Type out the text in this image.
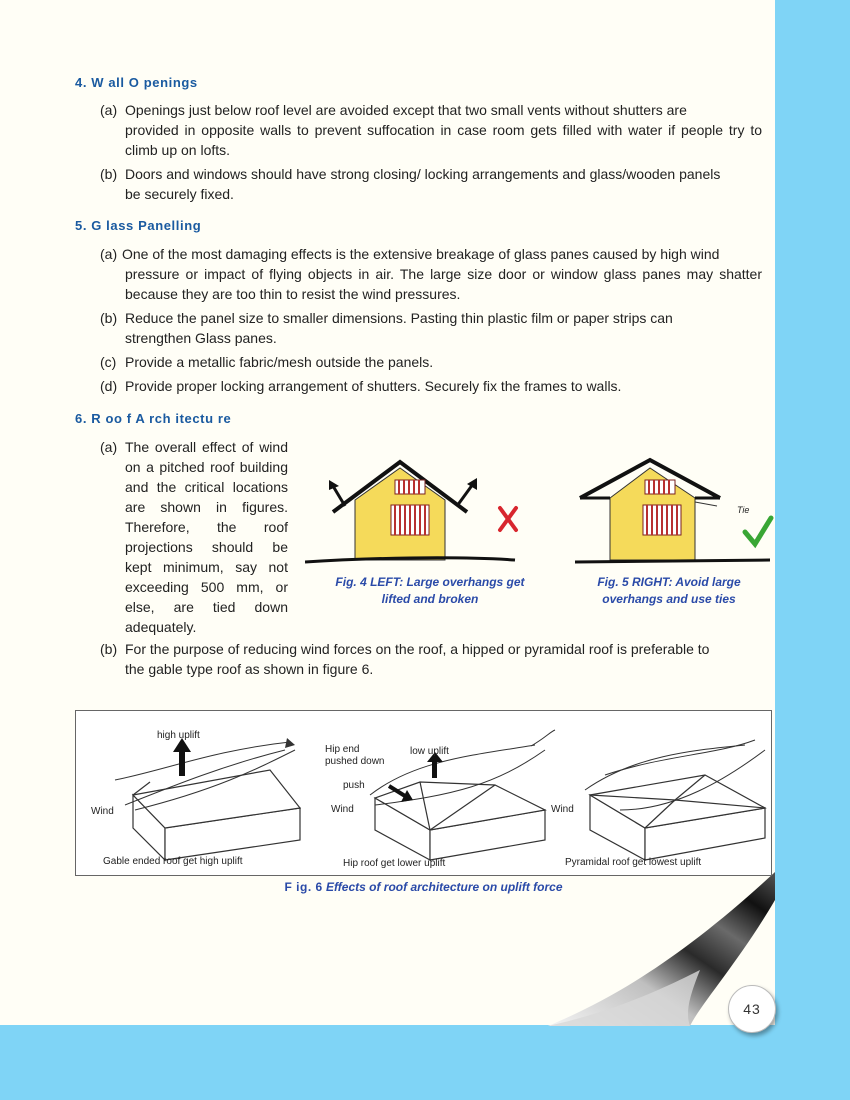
4. W all O penings
(a) Openings just below roof level are avoided except that two small vents without shutters are
provided in opposite walls to prevent suffocation in case room gets filled with water if people try to climb up on lofts.
(b) Doors and windows should have strong closing/ locking arrangements and glass/wooden panels
be securely fixed.
5. G lass Panelling
(a) One of the most damaging effects is the extensive breakage of glass panes caused by high wind
pressure or impact of flying objects in air. The large size door or window glass panes may shatter because they are too thin to resist the wind pressures.
(b) Reduce the panel size to smaller dimensions. Pasting thin plastic film or paper strips can
strengthen Glass panes.
(c) Provide a metallic fabric/mesh outside the panels.
(d) Provide proper locking arrangement of shutters. Securely fix the frames to walls.
6. R oo f A rch itectu re
(a) The overall effect of wind
on a pitched roof building
and the critical locations
are shown in figures.
Therefore, the roof
projections should be
kept minimum, say not
exceeding 500 mm, or
else, are tied down
adequately.
(b) For the purpose of reducing wind forces on the roof, a hipped or pyramidal roof is preferable to
the gable type roof as shown in figure 6.
Tie
Fig. 4 LEFT: Large overhangs get
lifted and broken
Fig. 5 RIGHT: Avoid large
overhangs and use ties
high uplift
Wind
Gable ended roof get high uplift
Hip end
pushed down
low uplift
push
Wind
Hip roof get lower uplift
Wind
Pyramidal roof get lowest uplift
F ig. 6 Effects of roof architecture on uplift force
43
